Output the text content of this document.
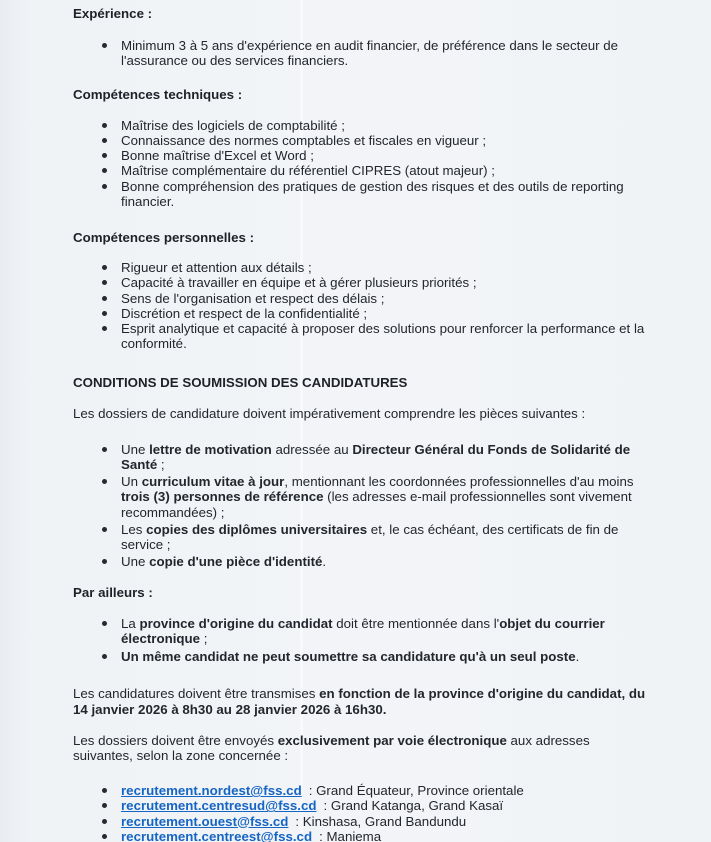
Expérience :
Minimum 3 à 5 ans d'expérience en audit financier, de préférence dans le secteur de l'assurance ou des services financiers.
Compétences techniques :
Maîtrise des logiciels de comptabilité ;
Connaissance des normes comptables et fiscales en vigueur ;
Bonne maîtrise d'Excel et Word ;
Maîtrise complémentaire du référentiel CIPRES (atout majeur) ;
Bonne compréhension des pratiques de gestion des risques et des outils de reporting financier.
Compétences personnelles :
Rigueur et attention aux détails ;
Capacité à travailler en équipe et à gérer plusieurs priorités ;
Sens de l'organisation et respect des délais ;
Discrétion et respect de la confidentialité ;
Esprit analytique et capacité à proposer des solutions pour renforcer la performance et la conformité.
CONDITIONS DE SOUMISSION DES CANDIDATURES

Les dossiers de candidature doivent impérativement comprendre les pièces suivantes :

Une lettre de motivation adressée au Directeur Général du Fonds de Solidarité de Santé ;
Un curriculum vitae à jour, mentionnant les coordonnées professionnelles d'au moins trois (3) personnes de référence (les adresses e-mail professionnelles sont vivement recommandées) ;
Les copies des diplômes universitaires et, le cas échéant, des certificats de fin de service ;
Une copie d'une pièce d'identité.
Par ailleurs :
La province d'origine du candidat doit être mentionnée dans l'objet du courrier électronique ;
Un même candidat ne peut soumettre sa candidature qu'à un seul poste.

Les candidatures doivent être transmises en fonction de la province d'origine du candidat, du 14 janvier 2026 à 8h30 au 28 janvier 2026 à 16h30.

Les dossiers doivent être envoyés exclusivement par voie électronique aux adresses suivantes, selon la zone concernée :

recrutement.nordest@fss.cd : Grand Équateur, Province orientale
recrutement.centresud@fss.cd : Grand Katanga, Grand Kasaï
recrutement.ouest@fss.cd : Kinshasa, Grand Bandundu
recrutement.centreest@fss.cd : Maniema
